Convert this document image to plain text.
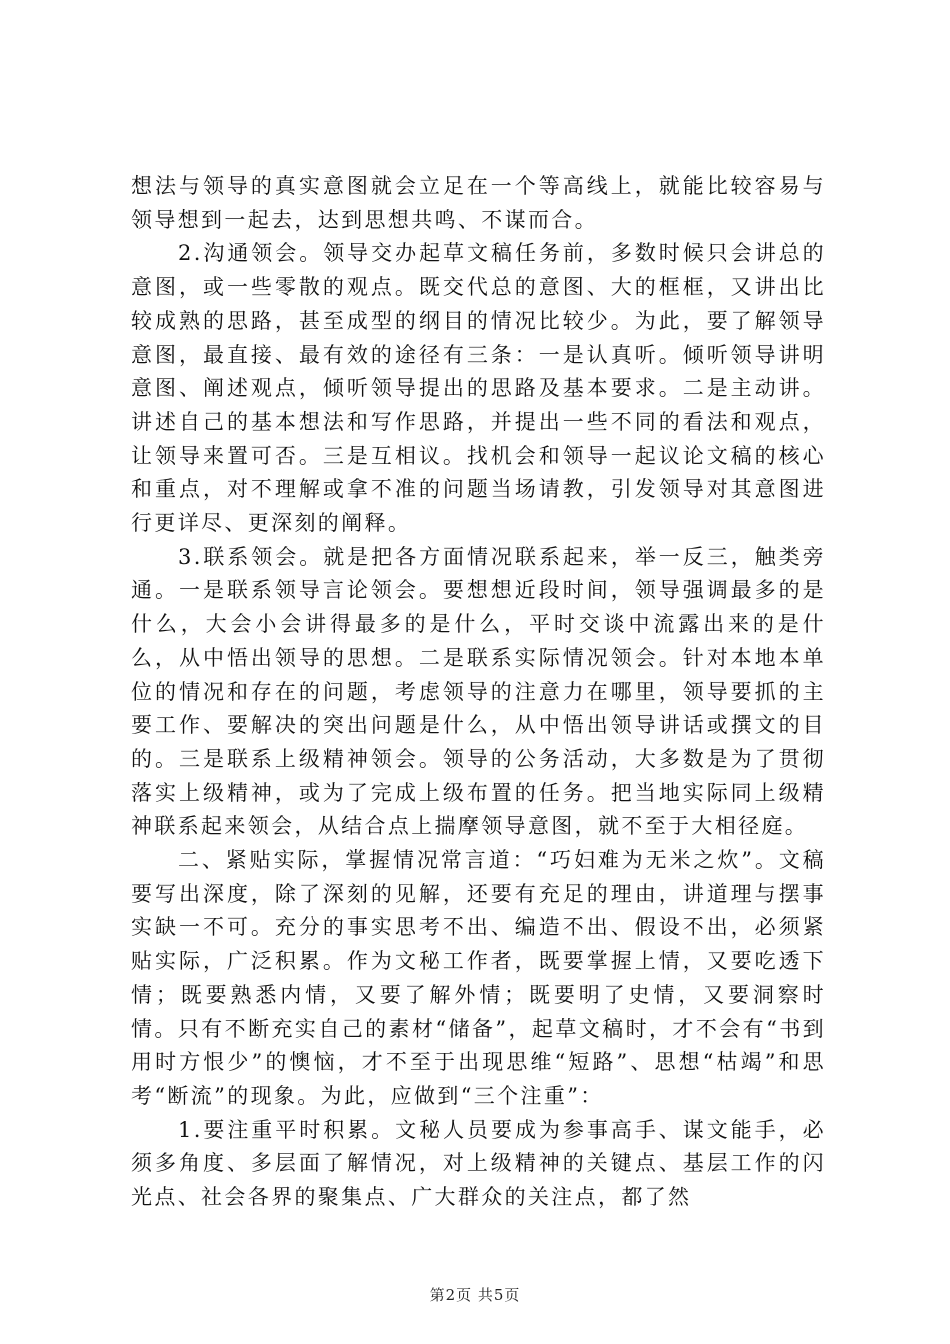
想法与领导的真实意图就会立足在一个等高线上，就能比较容易与领导想到一起去，达到思想共鸣、不谋而合。

2.沟通领会。领导交办起草文稿任务前，多数时候只会讲总的意图，或一些零散的观点。既交代总的意图、大的框框，又讲出比较成熟的思路，甚至成型的纲目的情况比较少。为此，要了解领导意图，最直接、最有效的途径有三条：一是认真听。倾听领导讲明意图、阐述观点，倾听领导提出的思路及基本要求。二是主动讲。讲述自己的基本想法和写作思路，并提出一些不同的看法和观点，让领导来置可否。三是互相议。找机会和领导一起议论文稿的核心和重点，对不理解或拿不准的问题当场请教，引发领导对其意图进行更详尽、更深刻的阐释。

3.联系领会。就是把各方面情况联系起来，举一反三，触类旁通。一是联系领导言论领会。要想想近段时间，领导强调最多的是什么，大会小会讲得最多的是什么，平时交谈中流露出来的是什么，从中悟出领导的思想。二是联系实际情况领会。针对本地本单位的情况和存在的问题，考虑领导的注意力在哪里，领导要抓的主要工作、要解决的突出问题是什么，从中悟出领导讲话或撰文的目的。三是联系上级精神领会。领导的公务活动，大多数是为了贯彻落实上级精神，或为了完成上级布置的任务。把当地实际同上级精神联系起来领会，从结合点上揣摩领导意图，就不至于大相径庭。

二、紧贴实际，掌握情况常言道：“巧妇难为无米之炊”。文稿要写出深度，除了深刻的见解，还要有充足的理由，讲道理与摆事实缺一不可。充分的事实思考不出、编造不出、假设不出，必须紧贴实际，广泛积累。作为文秘工作者，既要掌握上情，又要吃透下情；既要熟悉内情，又要了解外情；既要明了史情，又要洞察时情。只有不断充实自己的素材“储备”，起草文稿时，才不会有“书到用时方恨少”的懊恼，才不至于出现思维“短路”、思想“枯竭”和思考“断流”的现象。为此，应做到“三个注重”：

1.要注重平时积累。文秘人员要成为参事高手、谋文能手，必须多角度、多层面了解情况，对上级精神的关键点、基层工作的闪光点、社会各界的聚集点、广大群众的关注点，都了然

第2页 共5页
